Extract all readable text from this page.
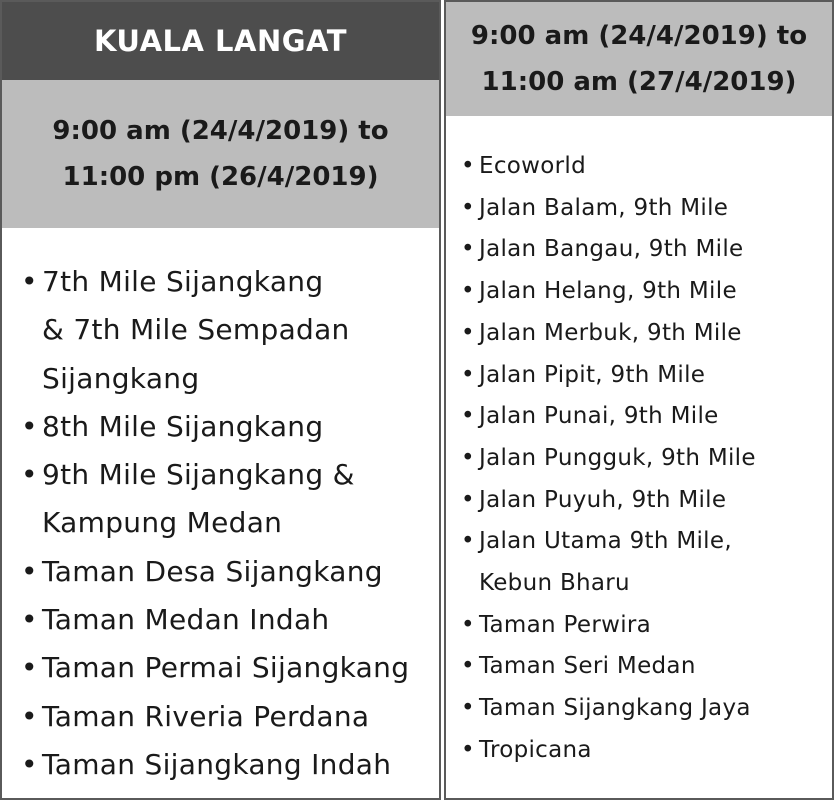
KUALA LANGAT
9:00 am (24/4/2019) to
11:00 pm (26/4/2019)
• 7th Mile Sijangkang
& 7th Mile Sempadan
Sijangkang
• 8th Mile Sijangkang
• 9th Mile Sijangkang &
Kampung Medan
• Taman Desa Sijangkang
• Taman Medan Indah
• Taman Permai Sijangkang
• Taman Riveria Perdana
• Taman Sijangkang Indah
9:00 am (24/4/2019) to
11:00 am (27/4/2019)
• Ecoworld
• Jalan Balam, 9th Mile
• Jalan Bangau, 9th Mile
• Jalan Helang, 9th Mile
• Jalan Merbuk, 9th Mile
• Jalan Pipit, 9th Mile
• Jalan Punai, 9th Mile
• Jalan Pungguk, 9th Mile
• Jalan Puyuh, 9th Mile
• Jalan Utama 9th Mile,
Kebun Bharu
• Taman Perwira
• Taman Seri Medan
• Taman Sijangkang Jaya
• Tropicana
